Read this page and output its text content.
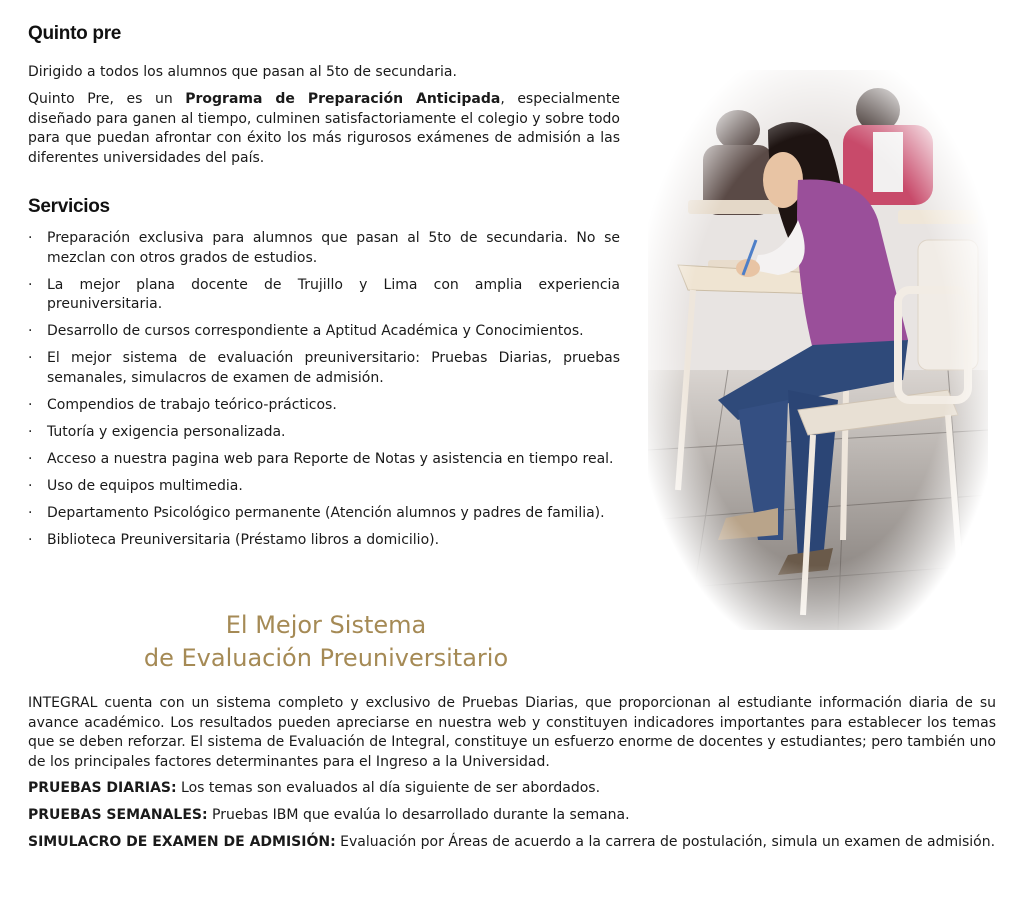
Quinto pre

Dirigido a todos los alumnos que pasan al 5to de secundaria.

Quinto Pre, es un Programa de Preparación Anticipada, especialmente diseñado para ganen al tiempo, culminen satisfactoriamente el colegio y sobre todo para que puedan afrontar con éxito los más rigurosos exámenes de admisión a las diferentes universidades del país.

Servicios
· Preparación exclusiva para alumnos que pasan al 5to de secundaria. No se mezclan con otros grados de estudios.
· La mejor plana docente de Trujillo y Lima con amplia experiencia preuniversitaria.
· Desarrollo de cursos correspondiente a Aptitud Académica y Conocimientos.
· El mejor sistema de evaluación preuniversitario: Pruebas Diarias, pruebas semanales, simulacros de examen de admisión.
· Compendios de trabajo teórico-prácticos.
· Tutoría y exigencia personalizada.
· Acceso a nuestra pagina web para Reporte de Notas y asistencia en tiempo real.
· Uso de equipos multimedia.
· Departamento Psicológico permanente (Atención alumnos y padres de familia).
· Biblioteca Preuniversitaria (Préstamo libros a domicilio).
El Mejor Sistema
de Evaluación Preuniversitario

INTEGRAL cuenta con un sistema completo y exclusivo de Pruebas Diarias, que proporcionan al estudiante información diaria de su avance académico. Los resultados pueden apreciarse en nuestra web y constituyen indicadores importantes para establecer los temas que se deben reforzar. El sistema de Evaluación de Integral, constituye un esfuerzo enorme de docentes y estudiantes; pero también uno de los principales factores determinantes para el Ingreso a la Universidad.

PRUEBAS DIARIAS: Los temas son evaluados al día siguiente de ser abordados.

PRUEBAS SEMANALES: Pruebas IBM que evalúa lo desarrollado durante la semana.

SIMULACRO DE EXAMEN DE ADMISIÓN: Evaluación por Áreas de acuerdo a la carrera de postulación, simula un examen de admisión.
